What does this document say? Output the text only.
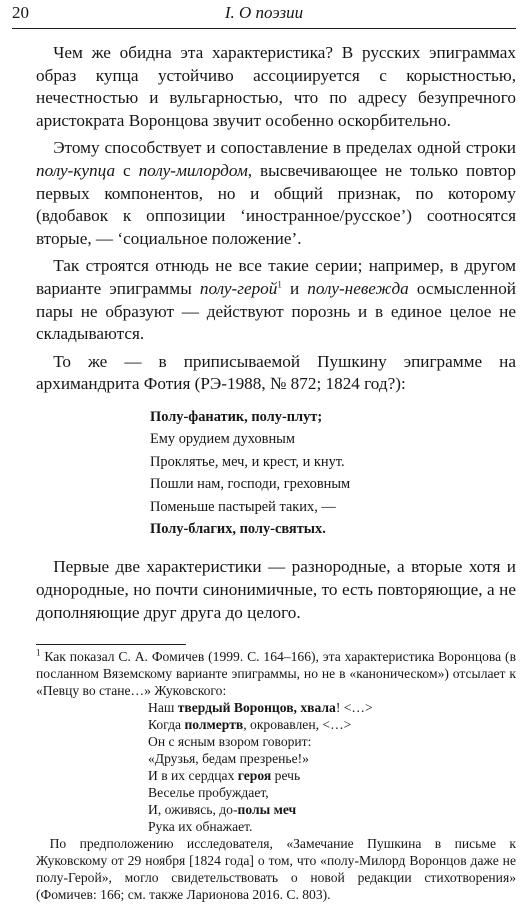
20	I. О поэзии

 Чем же обидна эта характеристика? В русских эпиграммах образ купца устойчиво ассоциируется с корыстностью, нечестностью и вульгарностью, что по адресу безупречного аристократа Воронцова звучит особенно оскорбительно.

 Этому способствует и сопоставление в пределах одной строки полу-купца с полу-милордом, высвечивающее не только повтор первых компонентов, но и общий признак, по которому (вдобавок к оппозиции ‘иностранное/русское’) соотносятся вторые, — ‘социальное положение’.

 Так строятся отнюдь не все такие серии; например, в другом варианте эпиграммы полу-герой$^1$ и полу-невежда осмысленной пары не образуют — действуют порознь и в единое целое не складываются.

 То же — в приписываемой Пушкину эпиграмме на архимандрита Фотия (РЭ-1988, № 872; 1824 год?):

Полу-фанатик, полу-плут;
Ему орудием духовным
Проклятье, меч, и крест, и кнут.
Пошли нам, господи, греховным
Поменьше пастырей таких, —
Полу-благих, полу-святых.

 Первые две характеристики — разнородные, а вторые хотя и однородные, но почти синонимичные, то есть повторяющие, а не дополняющие друг друга до целого.

$^1$ Как показал С. А. Фомичев (1999. С. 164–166), эта характеристика Воронцова (в посланном Вяземскому варианте эпиграммы, но не в «каноническом») отсылает к «Певцу во стане…» Жуковского:

Наш твердый Воронцов, хвала! <…>
Когда полмертв, окровавлен, <…>
Он с ясным взором говорит:
«Друзья, бедам презренье!»
И в их сердцах героя речь
Веселье пробуждает,
И, оживясь, до-полы меч
Рука их обнажает.

 По предположению исследователя, «Замечание Пушкина в письме к Жуковскому от 29 ноября [1824 года] о том, что «полу-Милорд Воронцов даже не полу-Герой», могло свидетельствовать о новой редакции стихотворения» (Фомичев: 166; см. также Ларионова 2016. С. 803).
